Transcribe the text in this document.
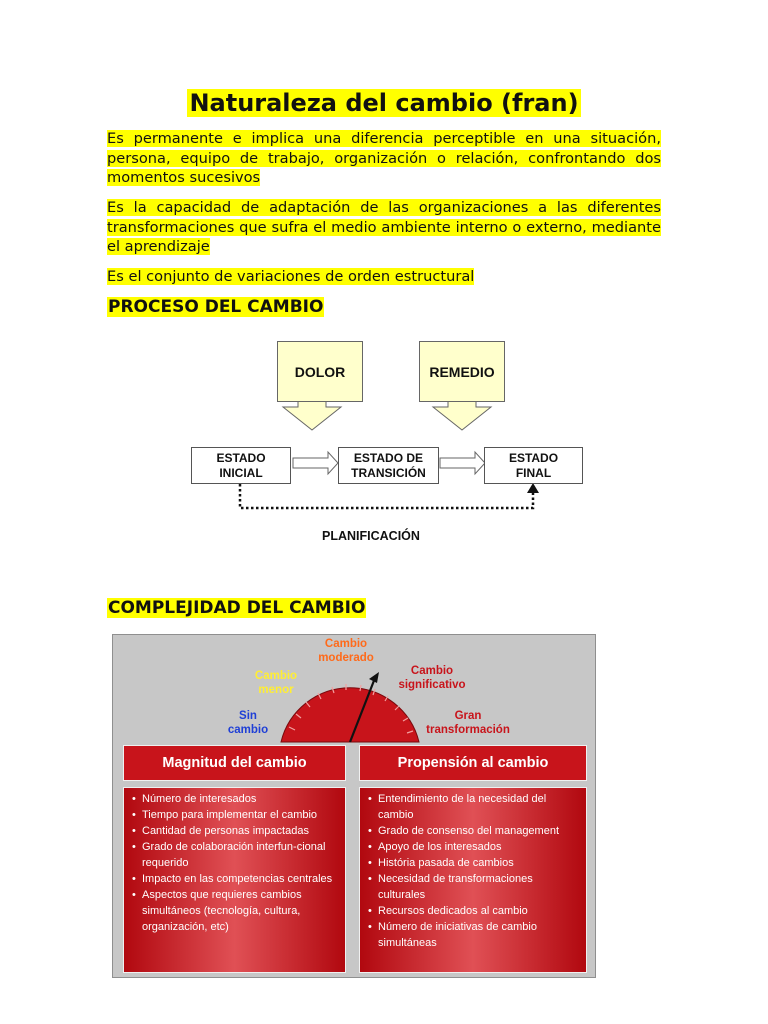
Naturaleza del cambio (fran)
Es permanente e implica una diferencia perceptible en una situación, persona, equipo de trabajo, organización o relación, confrontando dos momentos sucesivos
Es la capacidad de adaptación de las organizaciones a las diferentes transformaciones que sufra el medio ambiente interno o externo, mediante el aprendizaje
Es el conjunto de variaciones de orden estructural
PROCESO DEL CAMBIO
DOLOR	REMEDIO
ESTADO
INICIAL
ESTADO DE
TRANSICIÓN
ESTADO
FINAL
PLANIFICACIÓN
COMPLEJIDAD DEL CAMBIO
Cambio
moderado
Cambio
menor
Cambio
significativo
Sin
cambio
Gran
transformación
Magnitud del cambio	Propensión al cambio
• Número de interesados
• Tiempo para implementar el cambio
• Cantidad de personas impactadas
• Grado de colaboración interfun-cional requerido
• Impacto en las competencias centrales
• Aspectos que requieres cambios simultáneos (tecnología, cultura, organización, etc)
• Entendimiento de la necesidad del cambio
• Grado de consenso del management
• Apoyo de los interesados
• História pasada de cambios
• Necesidad de transformaciones culturales
• Recursos dedicados al cambio
• Número de iniciativas de cambio simultáneas
